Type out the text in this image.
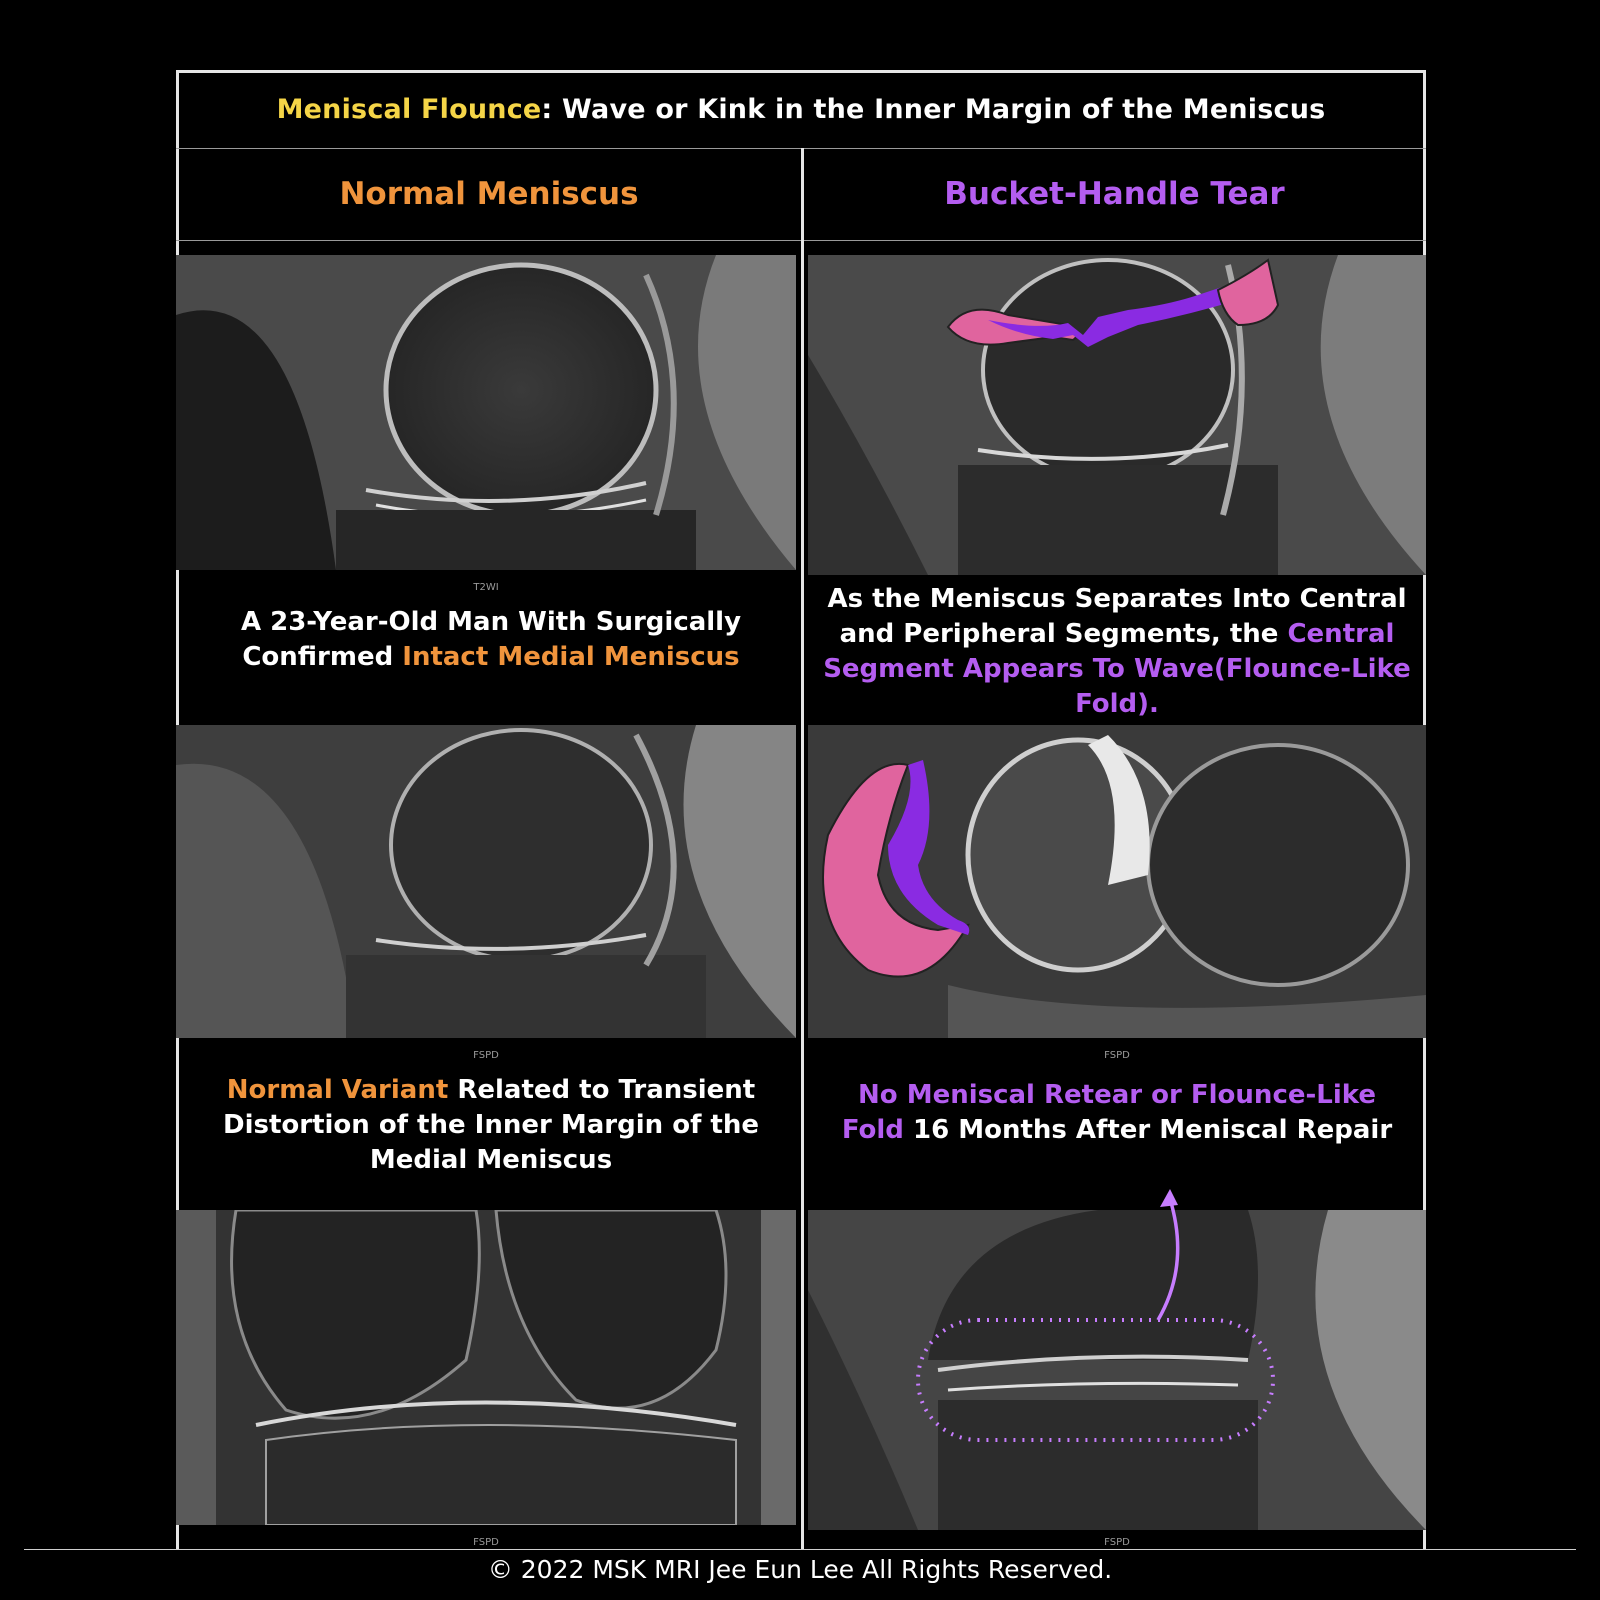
Meniscal Flounce : Wave or Kink in the Inner Margin of the Meniscus
Normal Meniscus	Bucket-Handle Tear
T2WI
A 23-Year-Old Man With Surgically Confirmed Intact Medial Meniscus
FSPD
Normal Variant Related to Transient Distortion of the Inner Margin of the Medial Meniscus
FSPD
As the Meniscus Separates Into Central and Peripheral Segments, the Central Segment Appears To Wave(Flounce-Like Fold).
FSPD
No Meniscal Retear or Flounce-Like Fold 16 Months After Meniscal Repair
FSPD
© 2022 MSK MRI Jee Eun Lee All Rights Reserved.
